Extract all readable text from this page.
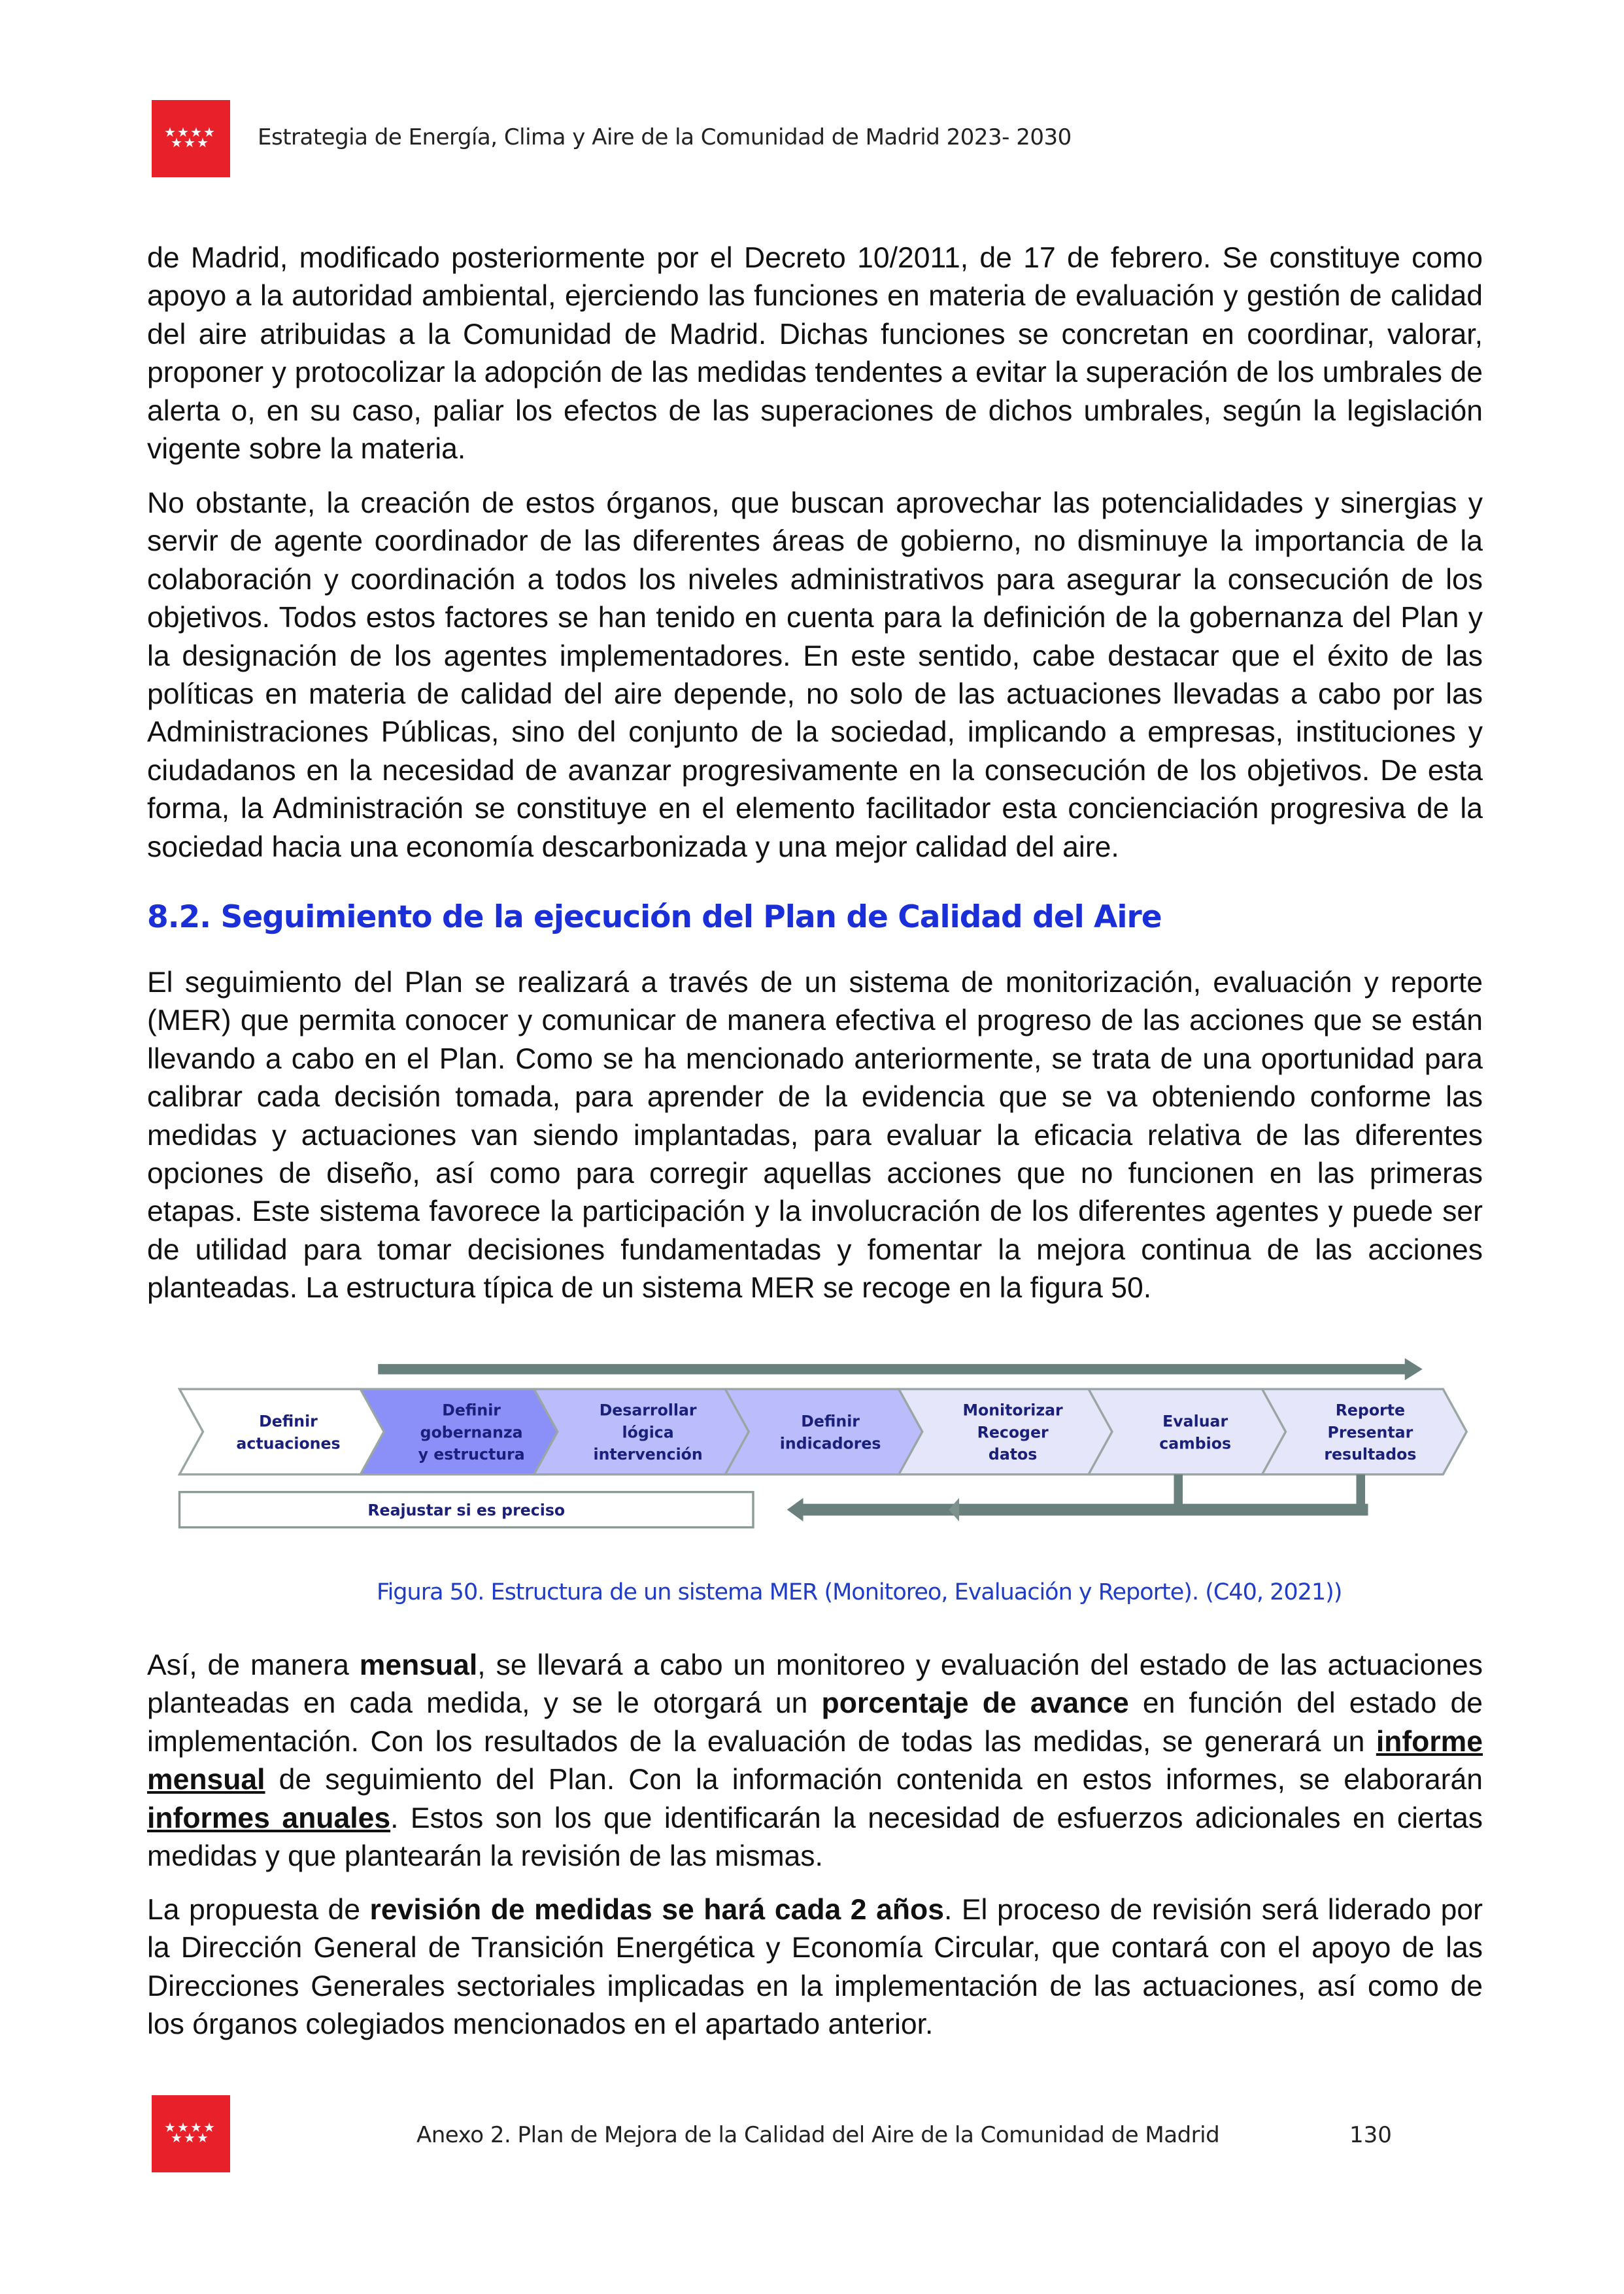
★ ★ ★ ★
★ ★ ★ Estrategia de Energía, Clima y Aire de la Comunidad de Madrid 2023- 2030

de Madrid, modificado posteriormente por el Decreto 10/2011, de 17 de febrero. Se constituye como apoyo a la autoridad ambiental, ejerciendo las funciones en materia de evaluación y gestión de calidad del aire atribuidas a la Comunidad de Madrid. Dichas funciones se concretan en coordinar, valorar, proponer y protocolizar la adopción de las medidas tendentes a evitar la superación de los umbrales de alerta o, en su caso, paliar los efectos de las superaciones de dichos umbrales, según la legislación vigente sobre la materia.

No obstante, la creación de estos órganos, que buscan aprovechar las potencialidades y sinergias y servir de agente coordinador de las diferentes áreas de gobierno, no disminuye la importancia de la colaboración y coordinación a todos los niveles administrativos para asegurar la consecución de los objetivos. Todos estos factores se han tenido en cuenta para la definición de la gobernanza del Plan y la designación de los agentes implementadores. En este sentido, cabe destacar que el éxito de las políticas en materia de calidad del aire depende, no solo de las actuaciones llevadas a cabo por las Administraciones Públicas, sino del conjunto de la sociedad, implicando a empresas, instituciones y ciudadanos en la necesidad de avanzar progresivamente en la consecución de los objetivos. De esta forma, la Administración se constituye en el elemento facilitador esta concienciación progresiva de la sociedad hacia una economía descarbonizada y una mejor calidad del aire.

8.2. Seguimiento de la ejecución del Plan de Calidad del Aire

El seguimiento del Plan se realizará a través de un sistema de monitorización, evaluación y reporte (MER) que permita conocer y comunicar de manera efectiva el progreso de las acciones que se están llevando a cabo en el Plan. Como se ha mencionado anteriormente, se trata de una oportunidad para calibrar cada decisión tomada, para aprender de la evidencia que se va obteniendo conforme las medidas y actuaciones van siendo implantadas, para evaluar la eficacia relativa de las diferentes opciones de diseño, así como para corregir aquellas acciones que no funcionen en las primeras etapas. Este sistema favorece la participación y la involucración de los diferentes agentes y puede ser de utilidad para tomar decisiones fundamentadas y fomentar la mejora continua de las acciones planteadas. La estructura típica de un sistema MER se recoge en la figura 50.

Definir
actuaciones
Definir
gobernanza
y estructura
Desarrollar
lógica
intervención
Definir
indicadores
Monitorizar
Recoger
datos
Evaluar
cambios
Reporte
Presentar
resultados
Reajustar si es preciso
Figura 50. Estructura de un sistema MER (Monitoreo, Evaluación y Reporte). (C40, 2021))

Así, de manera mensual, se llevará a cabo un monitoreo y evaluación del estado de las actuaciones planteadas en cada medida, y se le otorgará un porcentaje de avance en función del estado de implementación. Con los resultados de la evaluación de todas las medidas, se generará un informe mensual de seguimiento del Plan. Con la información contenida en estos informes, se elaborarán informes anuales. Estos son los que identificarán la necesidad de esfuerzos adicionales en ciertas medidas y que plantearán la revisión de las mismas.

La propuesta de revisión de medidas se hará cada 2 años. El proceso de revisión será liderado por la Dirección General de Transición Energética y Economía Circular, que contará con el apoyo de las Direcciones Generales sectoriales implicadas en la implementación de las actuaciones, así como de los órganos colegiados mencionados en el apartado anterior.

★ ★ ★ ★
★ ★ ★	Anexo 2. Plan de Mejora de la Calidad del Aire de la Comunidad de Madrid	130
